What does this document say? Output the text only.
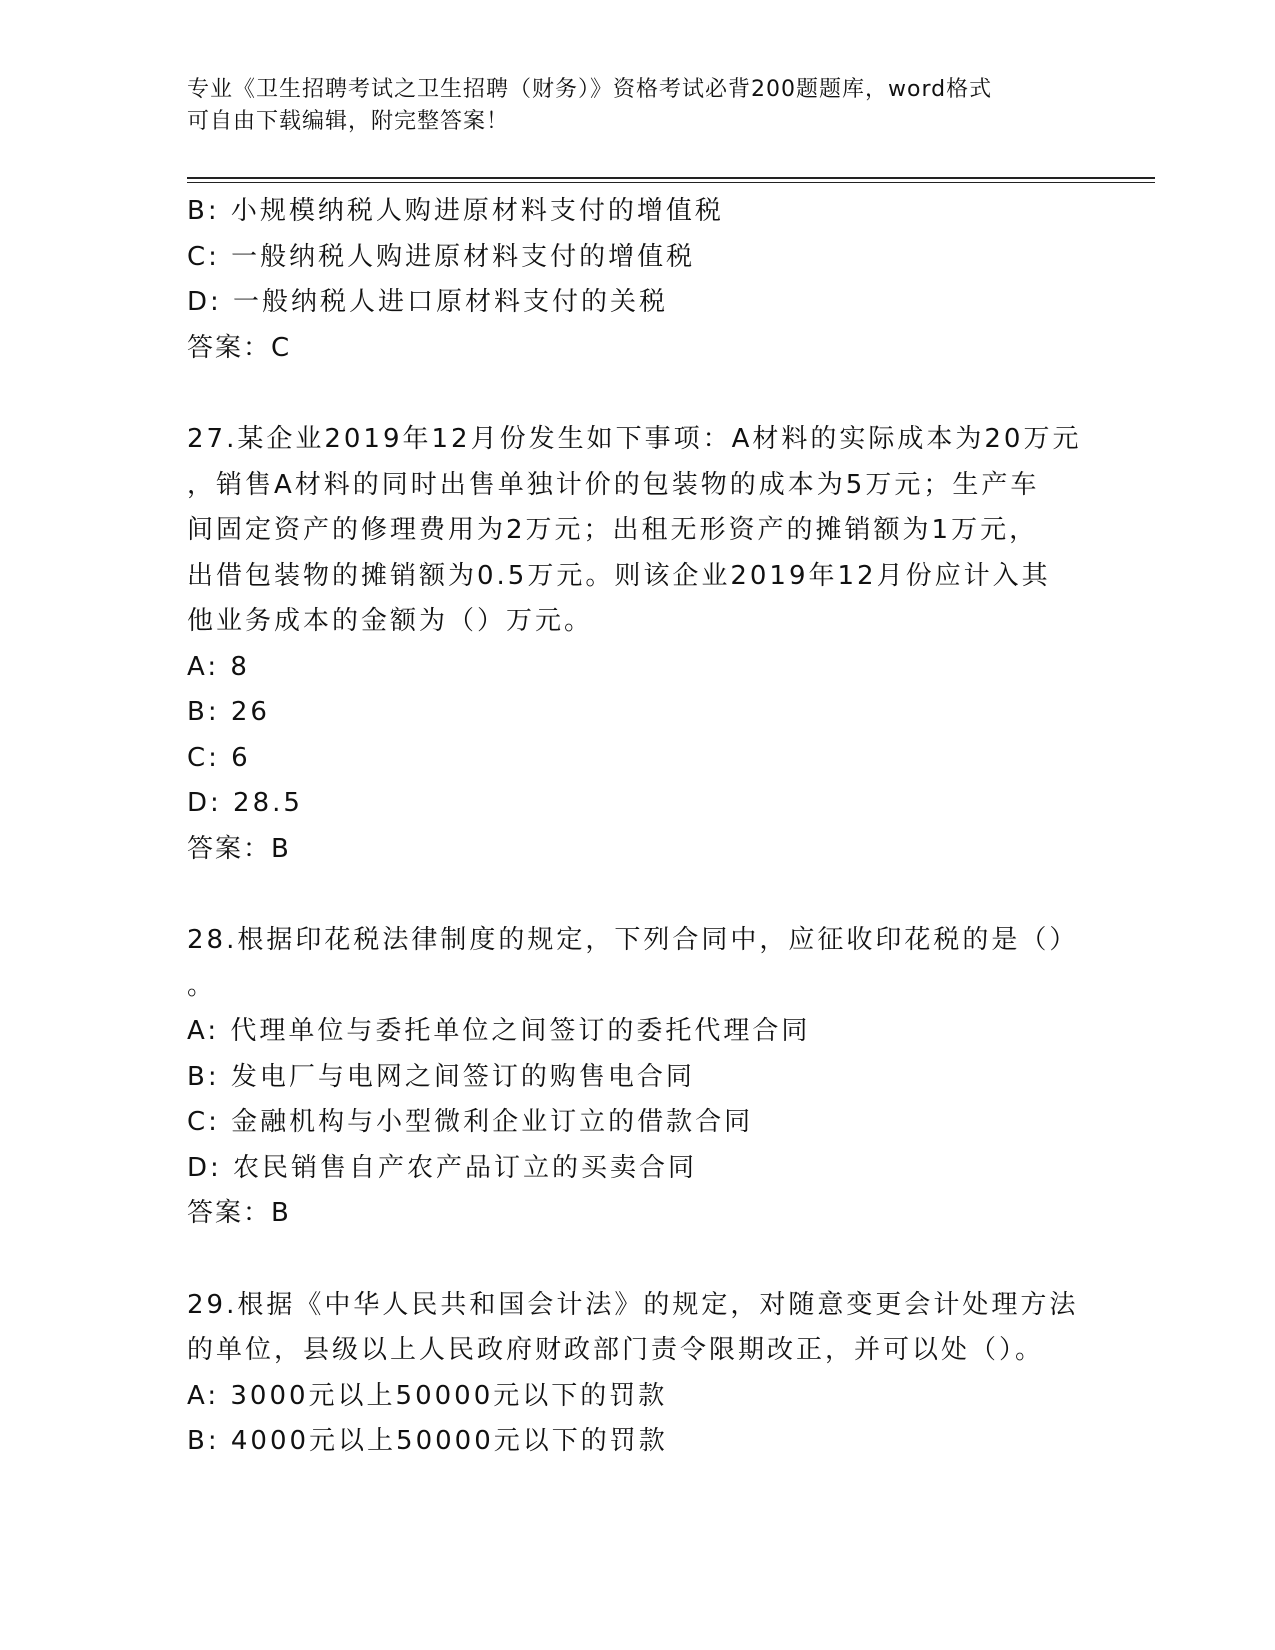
专业《卫生招聘考试之卫生招聘（财务）》资格考试必背200题题库，word格式
可自由下载编辑，附完整答案！
B: 小规模纳税人购进原材料支付的增值税
C: 一般纳税人购进原材料支付的增值税
D: 一般纳税人进口原材料支付的关税
答案：C
27.某企业2019年12月份发生如下事项：A材料的实际成本为20万元
，销售A材料的同时出售单独计价的包装物的成本为5万元；生产车
间固定资产的修理费用为2万元；出租无形资产的摊销额为1万元，
出借包装物的摊销额为0.5万元。则该企业2019年12月份应计入其
他业务成本的金额为（）万元。
A: 8
B: 26
C: 6
D: 28.5
答案：B
28.根据印花税法律制度的规定，下列合同中，应征收印花税的是（）
。
A: 代理单位与委托单位之间签订的委托代理合同
B: 发电厂与电网之间签订的购售电合同
C: 金融机构与小型微利企业订立的借款合同
D: 农民销售自产农产品订立的买卖合同
答案：B
29.根据《中华人民共和国会计法》的规定，对随意变更会计处理方法
的单位，县级以上人民政府财政部门责令限期改正，并可以处（）。
A: 3000元以上50000元以下的罚款
B: 4000元以上50000元以下的罚款
